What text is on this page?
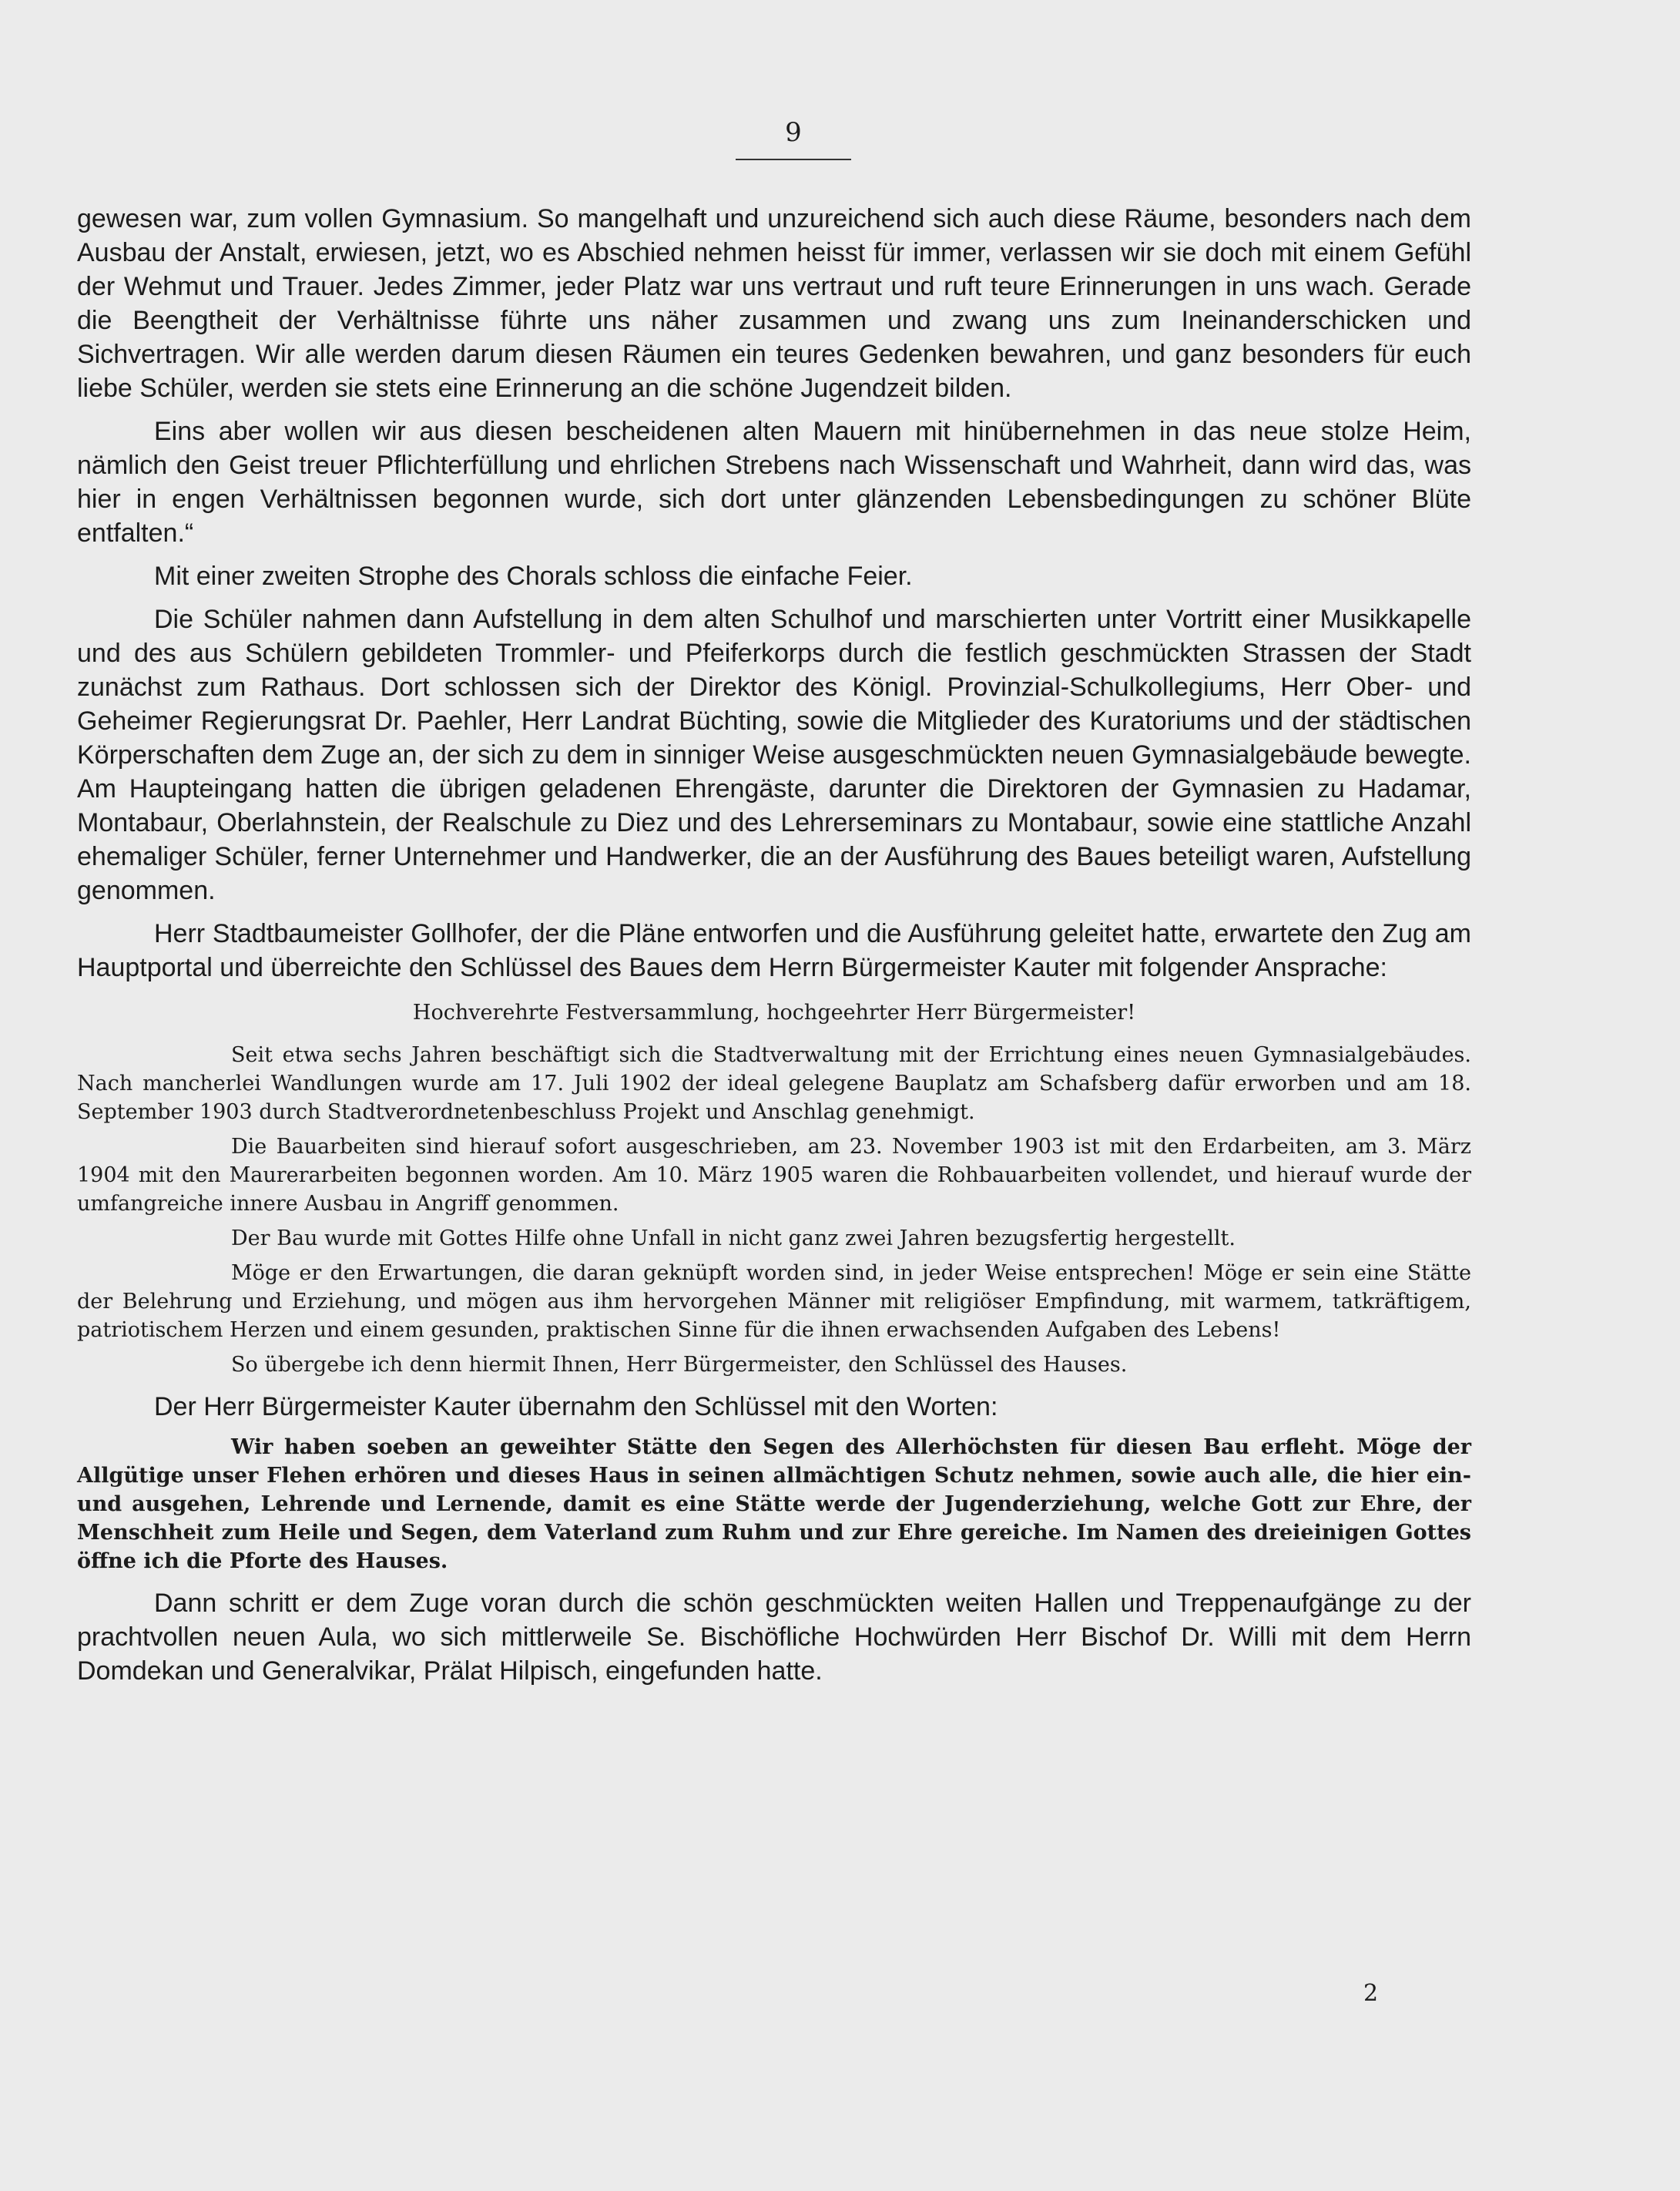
9

gewesen war, zum vollen Gymnasium. So mangelhaft und unzureichend sich auch diese Räume, besonders nach dem Ausbau der Anstalt, erwiesen, jetzt, wo es Abschied nehmen heisst für immer, verlassen wir sie doch mit einem Gefühl der Wehmut und Trauer. Jedes Zimmer, jeder Platz war uns vertraut und ruft teure Erinnerungen in uns wach. Gerade die Beengtheit der Verhältnisse führte uns näher zusammen und zwang uns zum Ineinanderschicken und Sichvertragen. Wir alle werden darum diesen Räumen ein teures Gedenken bewahren, und ganz besonders für euch liebe Schüler, werden sie stets eine Erinnerung an die schöne Jugendzeit bilden.

Eins aber wollen wir aus diesen bescheidenen alten Mauern mit hinübernehmen in das neue stolze Heim, nämlich den Geist treuer Pflichterfüllung und ehrlichen Strebens nach Wissenschaft und Wahrheit, dann wird das, was hier in engen Verhältnissen begonnen wurde, sich dort unter glänzenden Lebensbedingungen zu schöner Blüte entfalten.“

Mit einer zweiten Strophe des Chorals schloss die einfache Feier.

Die Schüler nahmen dann Aufstellung in dem alten Schulhof und marschierten unter Vortritt einer Musikkapelle und des aus Schülern gebildeten Trommler- und Pfeiferkorps durch die festlich geschmückten Strassen der Stadt zunächst zum Rathaus. Dort schlossen sich der Direktor des Königl. Provinzial-Schulkollegiums, Herr Ober- und Geheimer Regierungsrat Dr. Paehler, Herr Landrat Büchting, sowie die Mitglieder des Kuratoriums und der städtischen Körperschaften dem Zuge an, der sich zu dem in sinniger Weise ausgeschmückten neuen Gymnasialgebäude bewegte. Am Haupteingang hatten die übrigen geladenen Ehrengäste, darunter die Direktoren der Gymnasien zu Hadamar, Montabaur, Oberlahnstein, der Realschule zu Diez und des Lehrerseminars zu Montabaur, sowie eine stattliche Anzahl ehemaliger Schüler, ferner Unternehmer und Handwerker, die an der Ausführung des Baues beteiligt waren, Aufstellung genommen.

Herr Stadtbaumeister Gollhofer, der die Pläne entworfen und die Ausführung geleitet hatte, erwartete den Zug am Hauptportal und überreichte den Schlüssel des Baues dem Herrn Bürgermeister Kauter mit folgender Ansprache:

Hochverehrte Festversammlung, hochgeehrter Herr Bürgermeister!

Seit etwa sechs Jahren beschäftigt sich die Stadtverwaltung mit der Errichtung eines neuen Gymnasialgebäudes. Nach mancherlei Wandlungen wurde am 17. Juli 1902 der ideal gelegene Bauplatz am Schafsberg dafür erworben und am 18. September 1903 durch Stadtverordnetenbeschluss Projekt und Anschlag genehmigt.

Die Bauarbeiten sind hierauf sofort ausgeschrieben, am 23. November 1903 ist mit den Erdarbeiten, am 3. März 1904 mit den Maurerarbeiten begonnen worden. Am 10. März 1905 waren die Rohbauarbeiten vollendet, und hierauf wurde der umfangreiche innere Ausbau in Angriff genommen.

Der Bau wurde mit Gottes Hilfe ohne Unfall in nicht ganz zwei Jahren bezugsfertig hergestellt.

Möge er den Erwartungen, die daran geknüpft worden sind, in jeder Weise entsprechen! Möge er sein eine Stätte der Belehrung und Erziehung, und mögen aus ihm hervorgehen Männer mit religiöser Empfindung, mit warmem, tatkräftigem, patriotischem Herzen und einem gesunden, praktischen Sinne für die ihnen erwachsenden Aufgaben des Lebens!

So übergebe ich denn hiermit Ihnen, Herr Bürgermeister, den Schlüssel des Hauses.

Der Herr Bürgermeister Kauter übernahm den Schlüssel mit den Worten:

Wir haben soeben an geweihter Stätte den Segen des Allerhöchsten für diesen Bau erfleht. Möge der Allgütige unser Flehen erhören und dieses Haus in seinen allmächtigen Schutz nehmen, sowie auch alle, die hier ein- und ausgehen, Lehrende und Lernende, damit es eine Stätte werde der Jugenderziehung, welche Gott zur Ehre, der Menschheit zum Heile und Segen, dem Vaterland zum Ruhm und zur Ehre gereiche. Im Namen des dreieinigen Gottes öffne ich die Pforte des Hauses.

Dann schritt er dem Zuge voran durch die schön geschmückten weiten Hallen und Treppenaufgänge zu der prachtvollen neuen Aula, wo sich mittlerweile Se. Bischöfliche Hochwürden Herr Bischof Dr. Willi mit dem Herrn Domdekan und Generalvikar, Prälat Hilpisch, eingefunden hatte.

2
